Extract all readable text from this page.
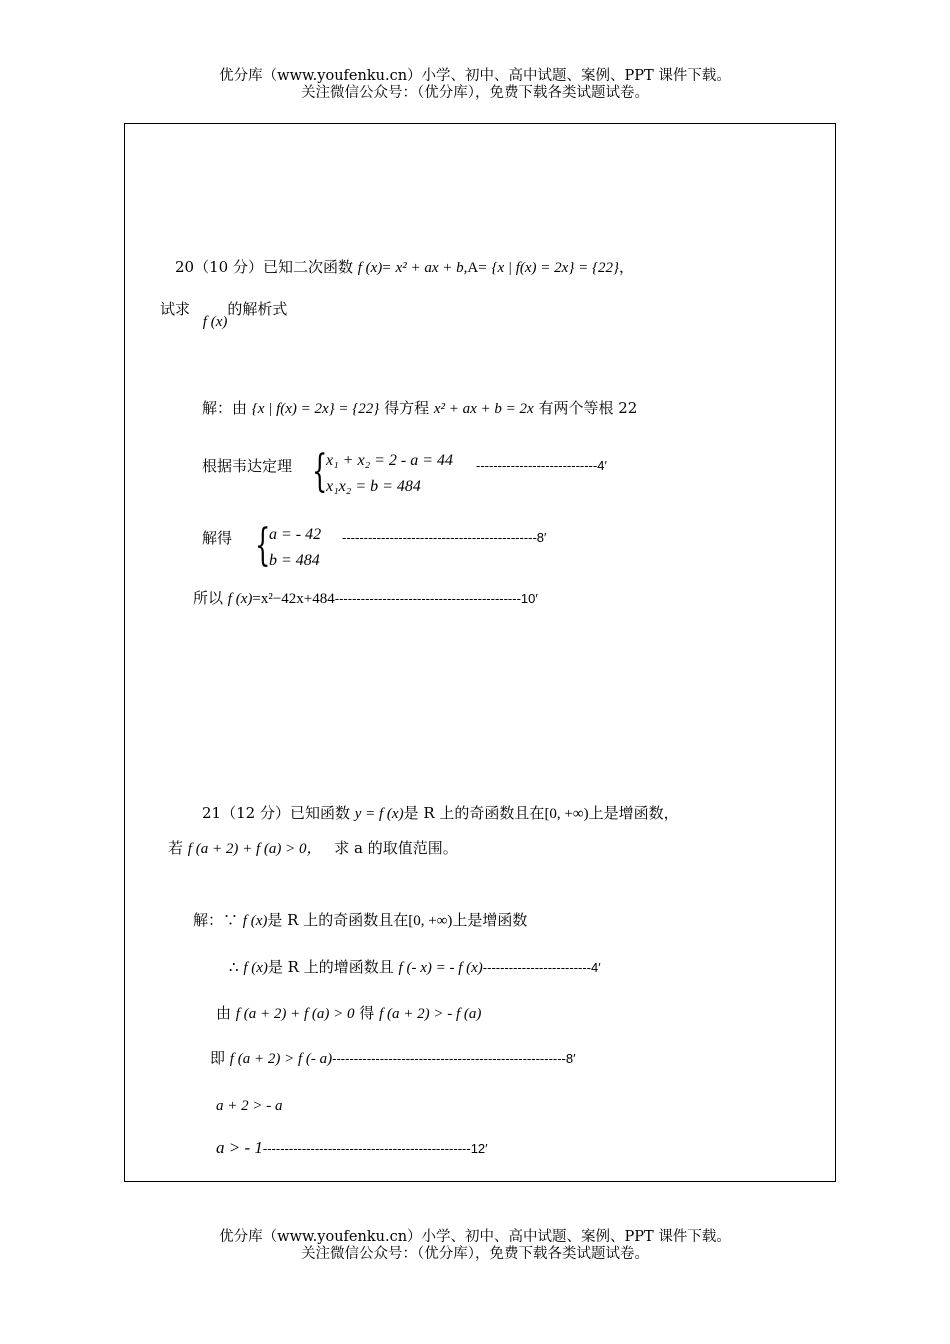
优分库（www.youfenku.cn）小学、初中、高中试题、案例、PPT 课件下载。
关注微信公众号：（优分库），免费下载各类试题试卷。
20（10 分）已知二次函数 f (x)= x² + ax + b,A= {x | f(x) = 2x} = {22}，
试求 f (x)的解析式
解：由 {x | f(x) = 2x} = {22} 得方程 x² + ax + b = 2x 有两个等根 22
根据韦达定理 {
x₁ + x₂ = 2 - a = 44
x₁x₂ = b = 484
----------------------------4′
解得 {
a = - 42
b = 484
---------------------------------------------8′
所以 f (x)=x²−42x+484-------------------------------------------10′
21（12 分）已知函数 y = f (x)是 R 上的奇函数且在[0, +∞)上是增函数，
若 f (a + 2) + f (a) > 0， 求 a 的取值范围。
解：∵ f (x)是 R 上的奇函数且在[0, +∞)上是增函数
∴ f (x)是 R 上的增函数且 f (- x) = - f (x)-------------------------4′
由 f (a + 2) + f (a) > 0 得 f (a + 2) > - f (a)
即 f (a + 2) > f (- a)------------------------------------------------------8′
a + 2 > - a
a > - 1------------------------------------------------12′
优分库（www.youfenku.cn）小学、初中、高中试题、案例、PPT 课件下载。
关注微信公众号：（优分库），免费下载各类试题试卷。
